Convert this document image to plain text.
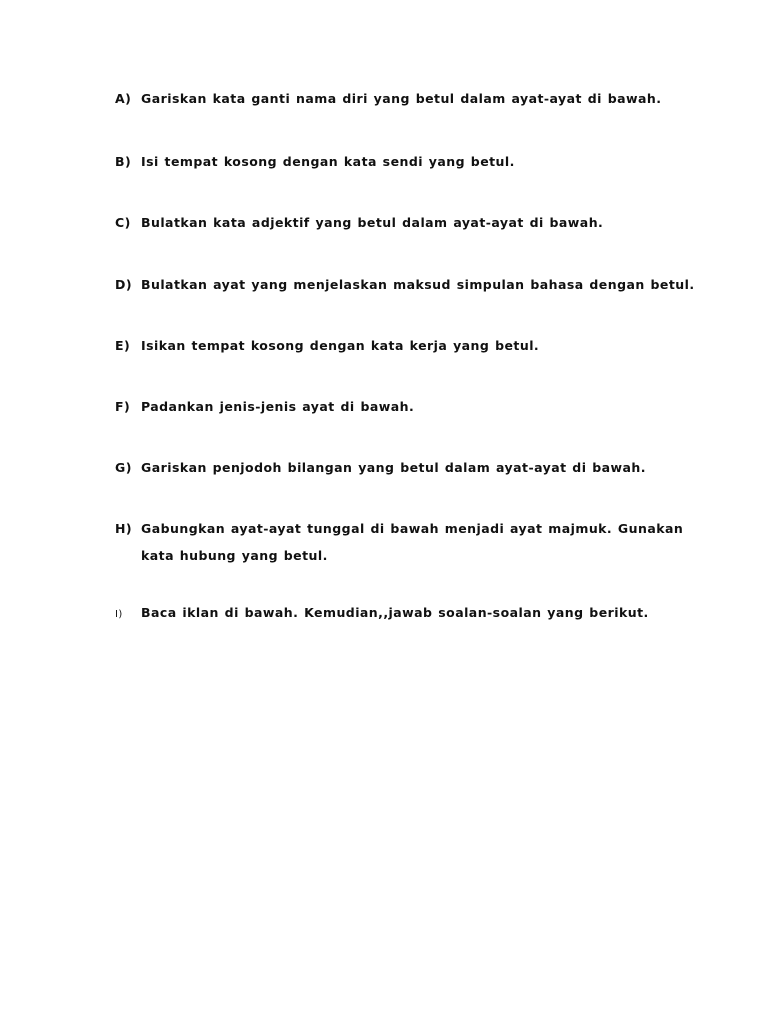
A) Gariskan kata ganti nama diri yang betul dalam ayat-ayat di bawah.
B) Isi tempat kosong dengan kata sendi yang betul.
C) Bulatkan kata adjektif yang betul dalam ayat-ayat di bawah.
D) Bulatkan ayat yang menjelaskan maksud simpulan bahasa dengan betul.
E) Isikan tempat kosong dengan kata kerja yang betul.
F) Padankan jenis-jenis ayat di bawah.
G) Gariskan penjodoh bilangan yang betul dalam ayat-ayat di bawah.
H) Gabungkan ayat-ayat tunggal di bawah menjadi ayat majmuk. Gunakan
kata hubung yang betul.
I) Baca iklan di bawah. Kemudian,,jawab soalan-soalan yang berikut.
